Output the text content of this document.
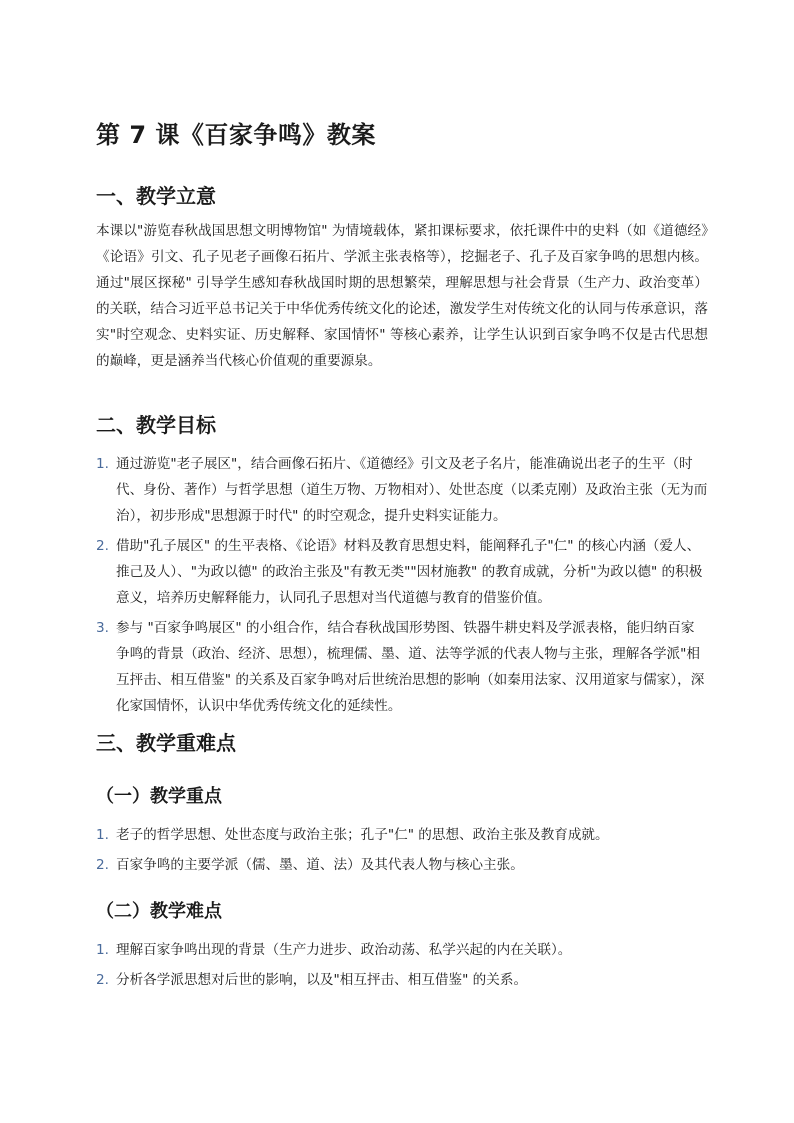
第 7 课《百家争鸣》教案
一、教学立意

本课以"游览春秋战国思想文明博物馆" 为情境载体，紧扣课标要求，依托课件中的史料（如《道德经》《论语》引文、孔子见老子画像石拓片、学派主张表格等），挖掘老子、孔子及百家争鸣的思想内核。通过"展区探秘" 引导学生感知春秋战国时期的思想繁荣，理解思想与社会背景（生产力、政治变革）的关联，结合习近平总书记关于中华优秀传统文化的论述，激发学生对传统文化的认同与传承意识，落实"时空观念、史料实证、历史解释、家国情怀" 等核心素养，让学生认识到百家争鸣不仅是古代思想的巅峰，更是涵养当代核心价值观的重要源泉。

二、教学目标
1. 通过游览"老子展区"，结合画像石拓片、《道德经》引文及老子名片，能准确说出老子的生平（时代、身份、著作）与哲学思想（道生万物、万物相对）、处世态度（以柔克刚）及政治主张（无为而治），初步形成"思想源于时代" 的时空观念，提升史料实证能力。
2. 借助"孔子展区" 的生平表格、《论语》材料及教育思想史料，能阐释孔子"仁" 的核心内涵（爱人、推己及人）、"为政以德" 的政治主张及"有教无类""因材施教" 的教育成就，分析"为政以德" 的积极意义，培养历史解释能力，认同孔子思想对当代道德与教育的借鉴价值。
3. 参与 "百家争鸣展区" 的小组合作，结合春秋战国形势图、铁器牛耕史料及学派表格，能归纳百家争鸣的背景（政治、经济、思想），梳理儒、墨、道、法等学派的代表人物与主张，理解各学派"相互抨击、相互借鉴" 的关系及百家争鸣对后世统治思想的影响（如秦用法家、汉用道家与儒家），深化家国情怀，认识中华优秀传统文化的延续性。
三、教学重难点
（一）教学重点
1. 老子的哲学思想、处世态度与政治主张；孔子"仁" 的思想、政治主张及教育成就。
2. 百家争鸣的主要学派（儒、墨、道、法）及其代表人物与核心主张。
（二）教学难点
1. 理解百家争鸣出现的背景（生产力进步、政治动荡、私学兴起的内在关联）。
2. 分析各学派思想对后世的影响，以及"相互抨击、相互借鉴" 的关系。
